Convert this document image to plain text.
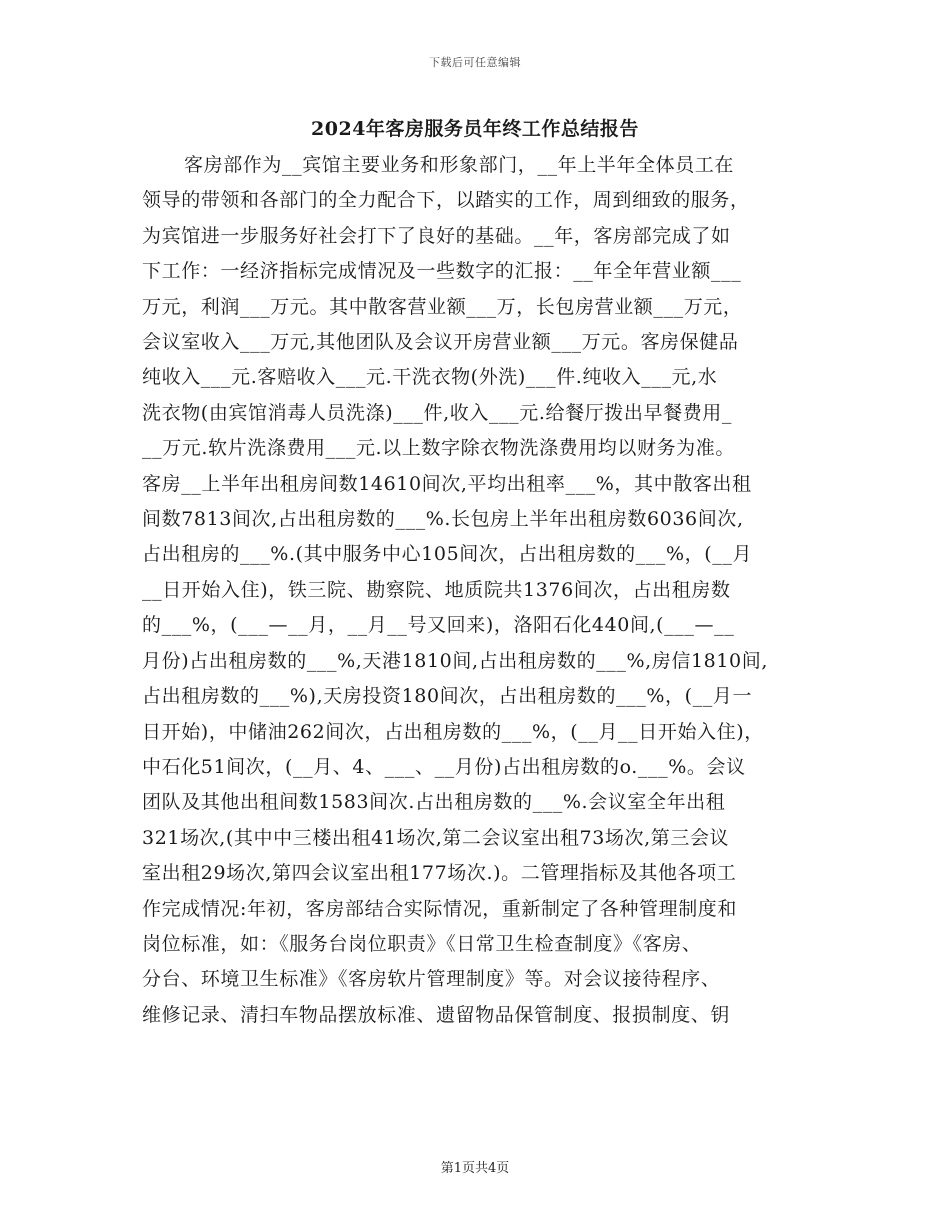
下载后可任意编辑
2024年客房服务员年终工作总结报告
客房部作为__宾馆主要业务和形象部门，__年上半年全体员工在
领导的带领和各部门的全力配合下，以踏实的工作，周到细致的服务，
为宾馆进一步服务好社会打下了良好的基础。__年，客房部完成了如
下工作：一经济指标完成情况及一些数字的汇报：__年全年营业额___
万元，利润___万元。其中散客营业额___万，长包房营业额___万元，
会议室收入___万元,其他团队及会议开房营业额___万元。客房保健品
纯收入___元.客赔收入___元.干洗衣物(外洗)___件.纯收入___元,水
洗衣物(由宾馆消毒人员洗涤)___件,收入___元.给餐厅拨出早餐费用_
__万元.软片洗涤费用___元.以上数字除衣物洗涤费用均以财务为准。
客房__上半年出租房间数14610间次,平均出租率___%，其中散客出租
间数7813间次,占出租房数的___%.长包房上半年出租房数6036间次,
占出租房的___%.(其中服务中心105间次，占出租房数的___%，(__月
__日开始入住)，铁三院、勘察院、地质院共1376间次，占出租房数
的___%，(___—__月，__月__号又回来)，洛阳石化440间,(___—__
月份)占出租房数的___%,天港1810间,占出租房数的___%,房信1810间,
占出租房数的___%),天房投资180间次，占出租房数的___%，(__月一
日开始)，中储油262间次，占出租房数的___%，(__月__日开始入住)，
中石化51间次，(__月、4、___、__月份)占出租房数的o.___%。会议
团队及其他出租间数1583间次.占出租房数的___%.会议室全年出租
321场次,(其中中三楼出租41场次,第二会议室出租73场次,第三会议
室出租29场次,第四会议室出租177场次.)。二管理指标及其他各项工
作完成情况:年初，客房部结合实际情况，重新制定了各种管理制度和
岗位标准，如：《服务台岗位职责》《日常卫生检查制度》《客房、
分台、环境卫生标准》《客房软片管理制度》等。对会议接待程序、
维修记录、清扫车物品摆放标准、遗留物品保管制度、报损制度、钥
第1页共4页
